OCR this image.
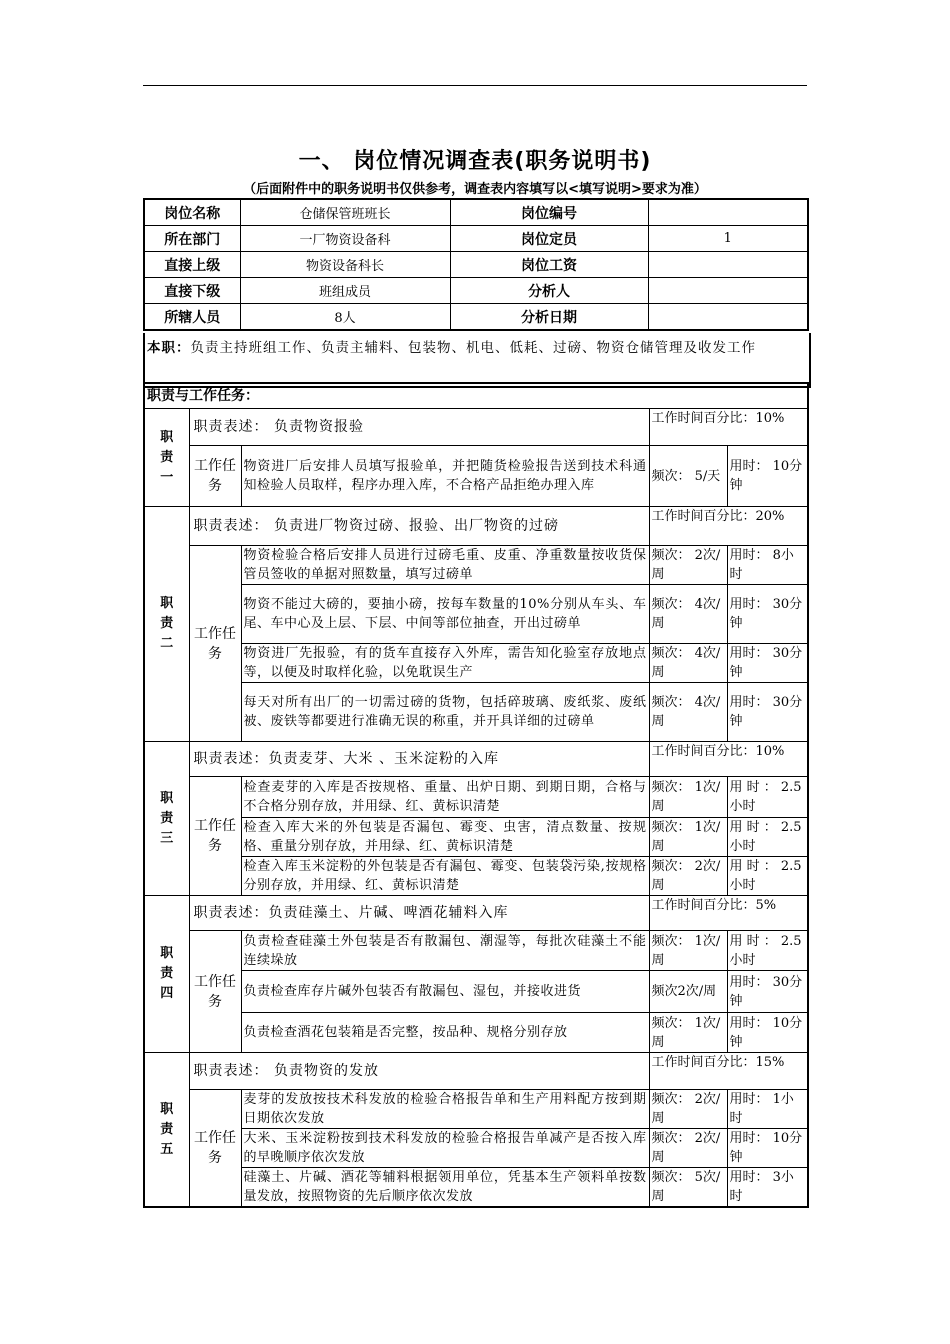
一、 岗位情况调查表(职务说明书)
（后面附件中的职务说明书仅供参考，调查表内容填写以<填写说明>要求为准）
岗位名称	仓储保管班班长	岗位编号	
所在部门	一厂物资设备科	岗位定员	1
直接上级	物资设备科长	岗位工资	
直接下级	班组成员	分析人	
所辖人员	8人	分析日期	
本职：负责主持班组工作、负责主辅料、包装物、机电、低耗、过磅、物资仓储管理及收发工作
职责与工作任务：				

职
责
一	职责表述： 负责物资报验		工作时间百分比：10%	
	工作任务	物资进厂后安排人员填写报验单，并把随货检验报告送到技术科通知检验人员取样，程序办理入库，不合格产品拒绝办理入库	频次： 5/天	用时： 10分钟

职
责
二	职责表述： 负责进厂物资过磅、报验、出厂物资的过磅		工作时间百分比：20%	
	工作任务	物资检验合格后安排人员进行过磅毛重、皮重、净重数量按收货保管员签收的单据对照数量，填写过磅单	频次： 2次/周	用时： 8小时
		物资不能过大磅的，要抽小磅，按每车数量的10%分别从车头、车尾、车中心及上层、下层、中间等部位抽查，开出过磅单	频次： 4次/ 周	用时： 30分钟
		物资进厂先报验，有的货车直接存入外库，需告知化验室存放地点等，以便及时取样化验，以免耽误生产	频次： 4次/ 周	用时： 30分钟
		每天对所有出厂的一切需过磅的货物，包括碎玻璃、废纸浆、废纸被、废铁等都要进行准确无误的称重，并开具详细的过磅单	频次： 4次/ 周	用时： 30分钟

职
责
三	职责表述：负责麦芽、大米 、玉米淀粉的入库		工作时间百分比：10%	
	工作任务	检查麦芽的入库是否按规格、重量、出炉日期、到期日期，合格与不合格分别存放，并用绿、红、黄标识清楚	频次： 1次/周	用 时 ： 2.5小时
		检查入库大米的外包装是否漏包、霉变、虫害，清点数量、按规格、重量分别存放，并用绿、红、黄标识清楚	频次： 1次/周	用 时 ： 2.5小时
		检查入库玉米淀粉的外包装是否有漏包、霉变、包装袋污染,按规格分别存放，并用绿、红、黄标识清楚	频次： 2次/ 周	用 时 ： 2.5小时

职
责
四	职责表述：负责硅藻土、片碱、啤酒花辅料入库		工作时间百分比：5%	
	工作任务	负责检查硅藻土外包装是否有散漏包、潮湿等，每批次硅藻土不能连续垛放	频次： 1次/周	用 时 ： 2.5小时
		负责检查库存片碱外包装否有散漏包、湿包，并接收进货	频次2次/周	用时： 30分钟
		负责检查酒花包装箱是否完整，按品种、规格分别存放	频次： 1次/周	用时： 10分钟

职
责
五	职责表述： 负责物资的发放		工作时间百分比：15%	
	工作任务	麦芽的发放按技术科发放的检验合格报告单和生产用料配方按到期日期依次发放	频次： 2次/周	用时： 1小时
		大米、玉米淀粉按到技术科发放的检验合格报告单减产是否按入库的早晚顺序依次发放	频次： 2次/周	用时： 10分钟
		硅藻土、片碱、酒花等辅料根据领用单位，凭基本生产领料单按数量发放，按照物资的先后顺序依次发放	频次： 5次/周	用时： 3小时
